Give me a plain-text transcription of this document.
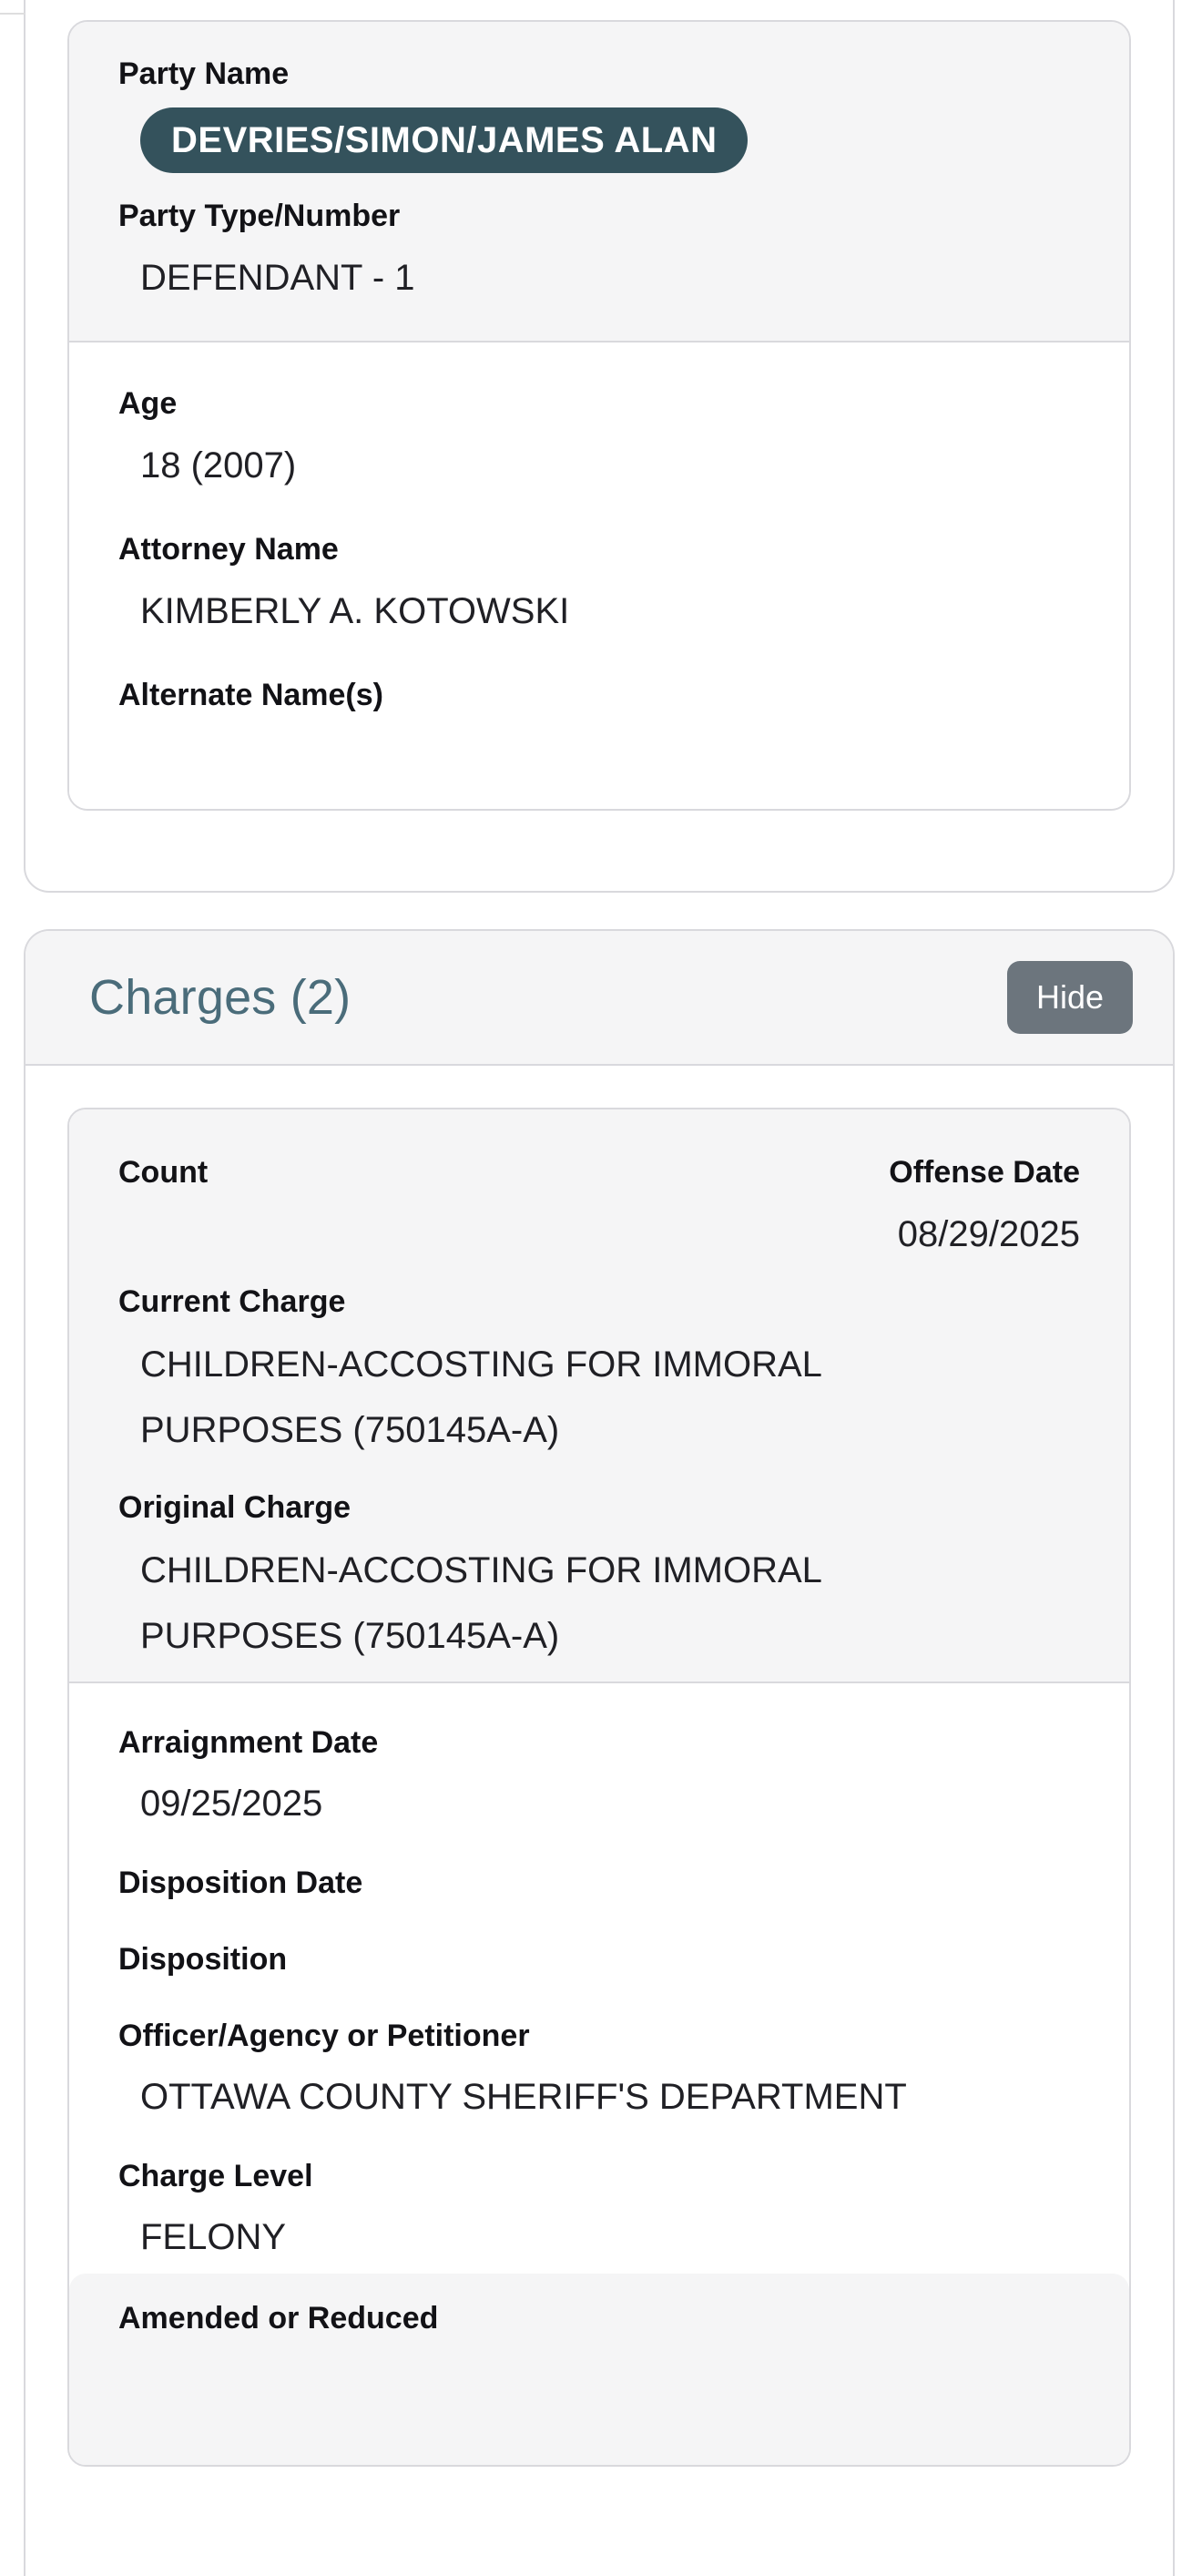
Party Name
DEVRIES/SIMON/JAMES ALAN
Party Type/Number
DEFENDANT - 1
Age
18 (2007)
Attorney Name
KIMBERLY A. KOTOWSKI
Alternate Name(s)
Charges (2)	Hide
Count	Offense Date
08/29/2025
Current Charge
CHILDREN-ACCOSTING FOR IMMORAL
PURPOSES (750145A-A)
Original Charge
CHILDREN-ACCOSTING FOR IMMORAL
PURPOSES (750145A-A)
Arraignment Date
09/25/2025
Disposition Date
Disposition
Officer/Agency or Petitioner
OTTAWA COUNTY SHERIFF'S DEPARTMENT
Charge Level
FELONY
Amended or Reduced
